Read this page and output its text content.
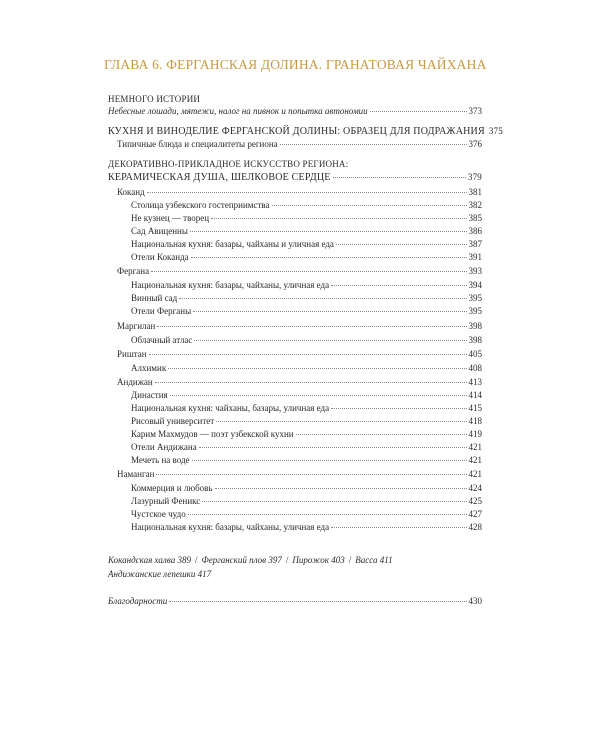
ГЛАВА 6. ФЕРГАНСКАЯ ДОЛИНА. ГРАНАТОВАЯ ЧАЙХАНА
НЕМНОГО ИСТОРИИ
Небесные лошади, мятежи, налог на пивнок и попытка автономии	373
КУХНЯ И ВИНОДЕЛИЕ ФЕРГАНСКОЙ ДОЛИНЫ: ОБРАЗЕЦ ДЛЯ ПОДРАЖАНИЯ 375
Типичные блюда и специалитеты региона	376
ДЕКОРАТИВНО-ПРИКЛАДНОЕ ИСКУССТВО РЕГИОНА:
КЕРАМИЧЕСКАЯ ДУША, ШЕЛКОВОЕ СЕРДЦЕ	379
Коканд	381
Столица узбекского гостеприимства	382
Не кузнец — творец	385
Сад Авиценны	386
Национальная кухня: базары, чайханы и уличная еда	387
Отели Коканда	391
Фергана	393
Национальная кухня: базары, чайханы, уличная еда	394
Винный сад	395
Отели Ферганы	395
Маргилан	398
Облачный атлас	398
Риштан	405
Алхимик	408
Андижан	413
Династия	414
Национальная кухня: чайханы, базары, уличная еда	415
Рисовый университет	418
Карим Махмудов — поэт узбекской кухни	419
Отели Андижана	421
Мечеть на воде	421
Наманган	421
Коммерция и любовь	424
Лазурный Феникс	425
Чустское чудо	427
Национальная кухня: базары, чайханы, уличная еда	428
Кокандская халва 389 / Ферганский плов 397 / Пирожок 403 / Васса 411
Андижанские лепешки 417
Благодарности	430
